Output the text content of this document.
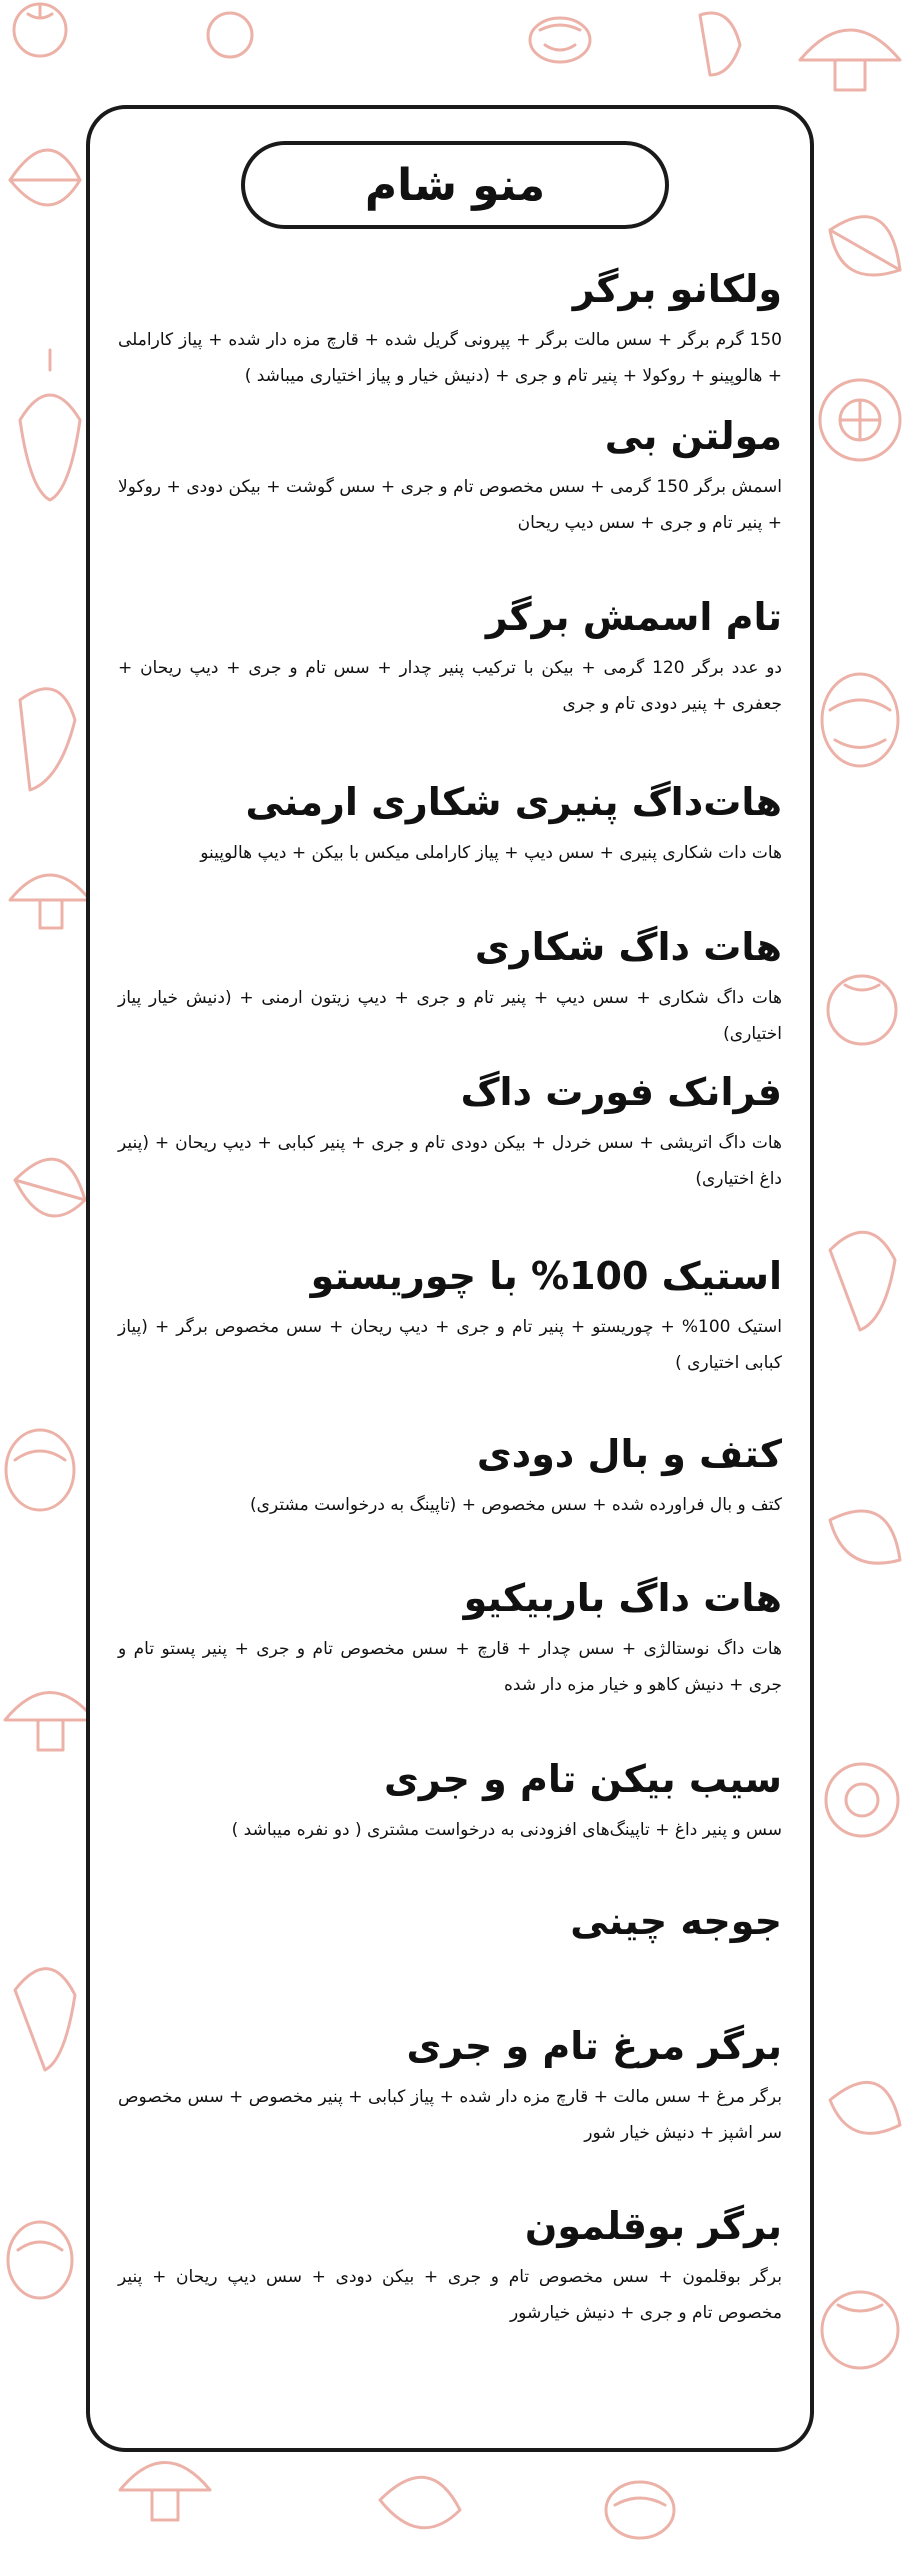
منو شام
ولکانو برگر

150 گرم برگر + سس مالت برگر + پپرونی گریل شده + قارچ مزه دار شده + پیاز کاراملی + هالوپینو + روکولا + پنیر تام و جری + (دنیش خیار و پیاز اختیاری میباشد )

مولتن بی

اسمش برگر 150 گرمی + سس مخصوص تام و جری + سس گوشت + بیکن دودی + روکولا + پنیر تام و جری + سس دیپ ریحان

تام اسمش برگر

دو عدد برگر 120 گرمی + بیکن با ترکیب پنیر چدار + سس تام و جری + دیپ ریحان + جعفری + پنیر دودی تام و جری

هات‌داگ پنیری شکاری ارمنی

هات دات شکاری پنیری + سس دیپ + پیاز کاراملی میکس با بیکن + دیپ هالوپینو

هات داگ شکاری

هات داگ شکاری + سس دیپ + پنیر تام و جری + دیپ زیتون ارمنی + (دنیش خیار پیاز اختیاری)

فرانک فورت داگ

هات داگ اتریشی + سس خردل + بیکن دودی تام و جری + پنیر کبابی + دیپ ریحان + (پنیر داغ اختیاری)

استیک 100% با چوریستو

استیک 100% + چوریستو + پنیر تام و جری + دیپ ریحان + سس مخصوص برگر + (پیاز کبابی اختیاری )

کتف و بال دودی

کتف و بال فراورده شده + سس مخصوص + (تاپینگ به درخواست مشتری)

هات داگ باربیکیو

هات داگ نوستالژی + سس چدار + قارچ + سس مخصوص تام و جری + پنیر پستو تام و جری + دنیش کاهو و خیار مزه دار شده

سیب بیکن تام و جری

سس و پنیر داغ + تاپینگ‌های افزودنی به درخواست مشتری ( دو نفره میباشد )

جوجه چینی
برگر مرغ تام و جری

برگر مرغ + سس مالت + قارچ مزه دار شده + پیاز کبابی + پنیر مخصوص + سس مخصوص سر اشپز + دنیش خیار شور

برگر بوقلمون

برگر بوقلمون + سس مخصوص تام و جری + بیکن دودی + سس دیپ ریحان + پنیر مخصوص تام و جری + دنیش خیارشور
